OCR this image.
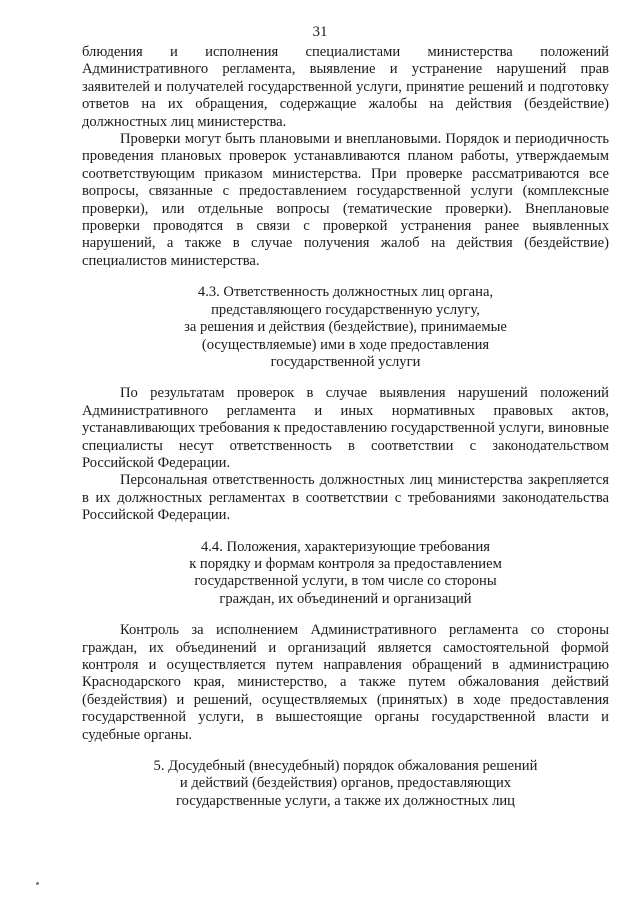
31

блюдения и исполнения специалистами министерства положений Административного регламента, выявление и устранение нарушений прав заявителей и получателей государственной услуги, принятие решений и подготовку ответов на их обращения, содержащие жалобы на действия (бездействие) должностных лиц министерства.

Проверки могут быть плановыми и внеплановыми. Порядок и периодичность проведения плановых проверок устанавливаются планом работы, утверждаемым соответствующим приказом министерства. При проверке рассматриваются все вопросы, связанные с предоставлением государственной услуги (комплексные проверки), или отдельные вопросы (тематические проверки). Внеплановые проверки проводятся в связи с проверкой устранения ранее выявленных нарушений, а также в случае получения жалоб на действия (бездействие) специалистов министерства.

4.3. Ответственность должностных лиц органа,
представляющего государственную услугу,
за решения и действия (бездействие), принимаемые
(осуществляемые) ими в ходе предоставления
государственной услуги

По результатам проверок в случае выявления нарушений положений Административного регламента и иных нормативных правовых актов, устанавливающих требования к предоставлению государственной услуги, виновные специалисты несут ответственность в соответствии с законодательством Российской Федерации.

Персональная ответственность должностных лиц министерства закрепляется в их должностных регламентах в соответствии с требованиями законодательства Российской Федерации.

4.4. Положения, характеризующие требования
к порядку и формам контроля за предоставлением
государственной услуги, в том числе со стороны
граждан, их объединений и организаций

Контроль за исполнением Административного регламента со стороны граждан, их объединений и организаций является самостоятельной формой контроля и осуществляется путем направления обращений в администрацию Краснодарского края, министерство, а также путем обжалования действий (бездействия) и решений, осуществляемых (принятых) в ходе предоставления государственной услуги, в вышестоящие органы государственной власти и судебные органы.

5. Досудебный (внесудебный) порядок обжалования решений
и действий (бездействия) органов, предоставляющих
государственные услуги, а также их должностных лиц
